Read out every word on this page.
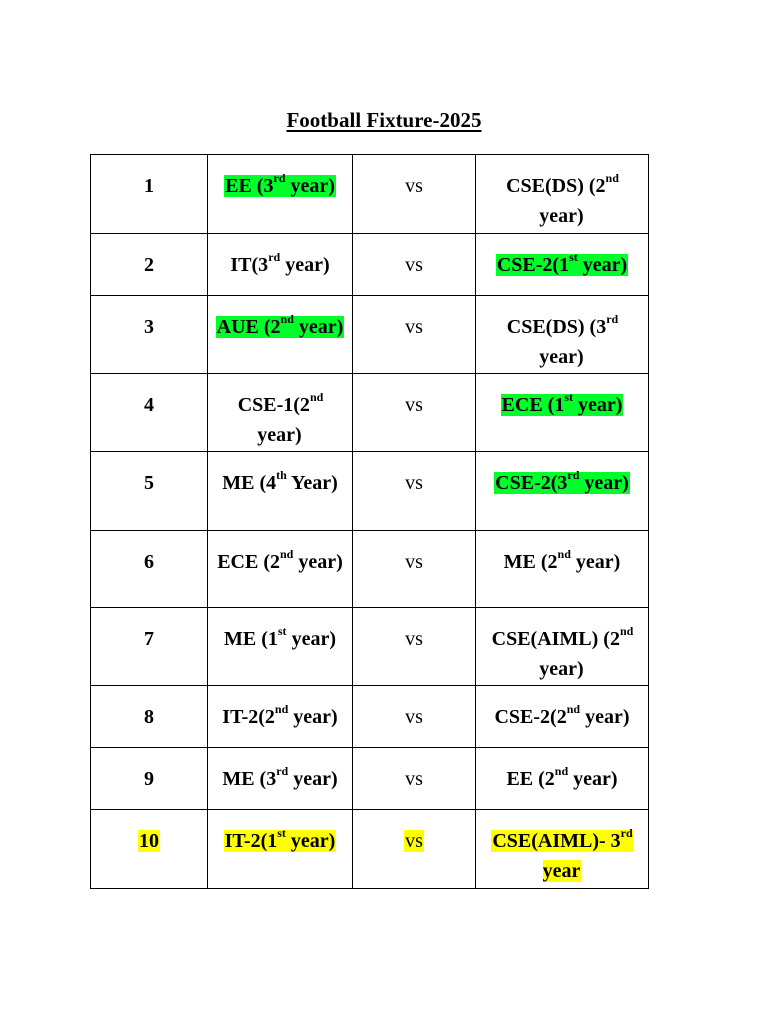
Football Fixture-2025
1	EE (3rd year)	vs	CSE(DS) (2nd year)
2	IT(3rd year)	vs	CSE-2(1st year)
3	AUE (2nd year)	vs	CSE(DS) (3rd year)
4	CSE-1(2nd year)	vs	ECE (1st year)
5	ME (4th Year)	vs	CSE-2(3rd year)
6	ECE (2nd year)	vs	ME (2nd year)
7	ME (1st year)	vs	CSE(AIML) (2nd year)
8	IT-2(2nd year)	vs	CSE-2(2nd year)
9	ME (3rd year)	vs	EE (2nd year)
10	IT-2(1st year)	vs	CSE(AIML)- 3rd year
